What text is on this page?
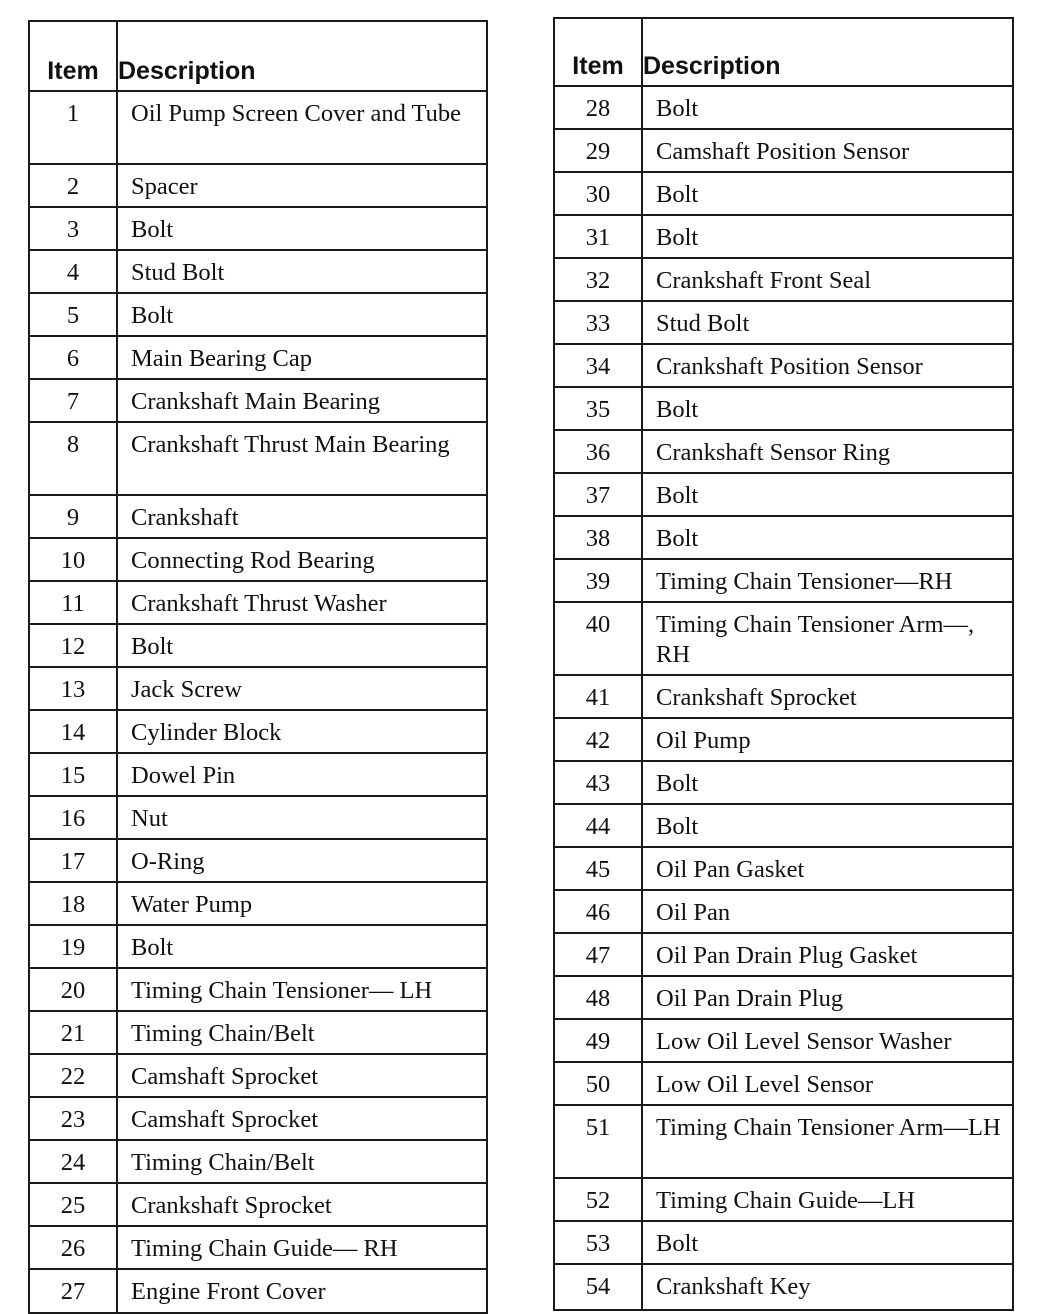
Item	Description
1	Oil Pump Screen Cover and Tube
2	Spacer
3	Bolt
4	Stud Bolt
5	Bolt
6	Main Bearing Cap
7	Crankshaft Main Bearing
8	Crankshaft Thrust Main Bearing
9	Crankshaft
10	Connecting Rod Bearing
11	Crankshaft Thrust Washer
12	Bolt
13	Jack Screw
14	Cylinder Block
15	Dowel Pin
16	Nut
17	O-Ring
18	Water Pump
19	Bolt
20	Timing Chain Tensioner— LH
21	Timing Chain/Belt
22	Camshaft Sprocket
23	Camshaft Sprocket
24	Timing Chain/Belt
25	Crankshaft Sprocket
26	Timing Chain Guide— RH
27	Engine Front Cover
Item	Description
28	Bolt
29	Camshaft Position Sensor
30	Bolt
31	Bolt
32	Crankshaft Front Seal
33	Stud Bolt
34	Crankshaft Position Sensor
35	Bolt
36	Crankshaft Sensor Ring
37	Bolt
38	Bolt
39	Timing Chain Tensioner—RH
40	Timing Chain Tensioner Arm—, RH
41	Crankshaft Sprocket
42	Oil Pump
43	Bolt
44	Bolt
45	Oil Pan Gasket
46	Oil Pan
47	Oil Pan Drain Plug Gasket
48	Oil Pan Drain Plug
49	Low Oil Level Sensor Washer
50	Low Oil Level Sensor
51	Timing Chain Tensioner Arm—LH
52	Timing Chain Guide—LH
53	Bolt
54	Crankshaft Key
